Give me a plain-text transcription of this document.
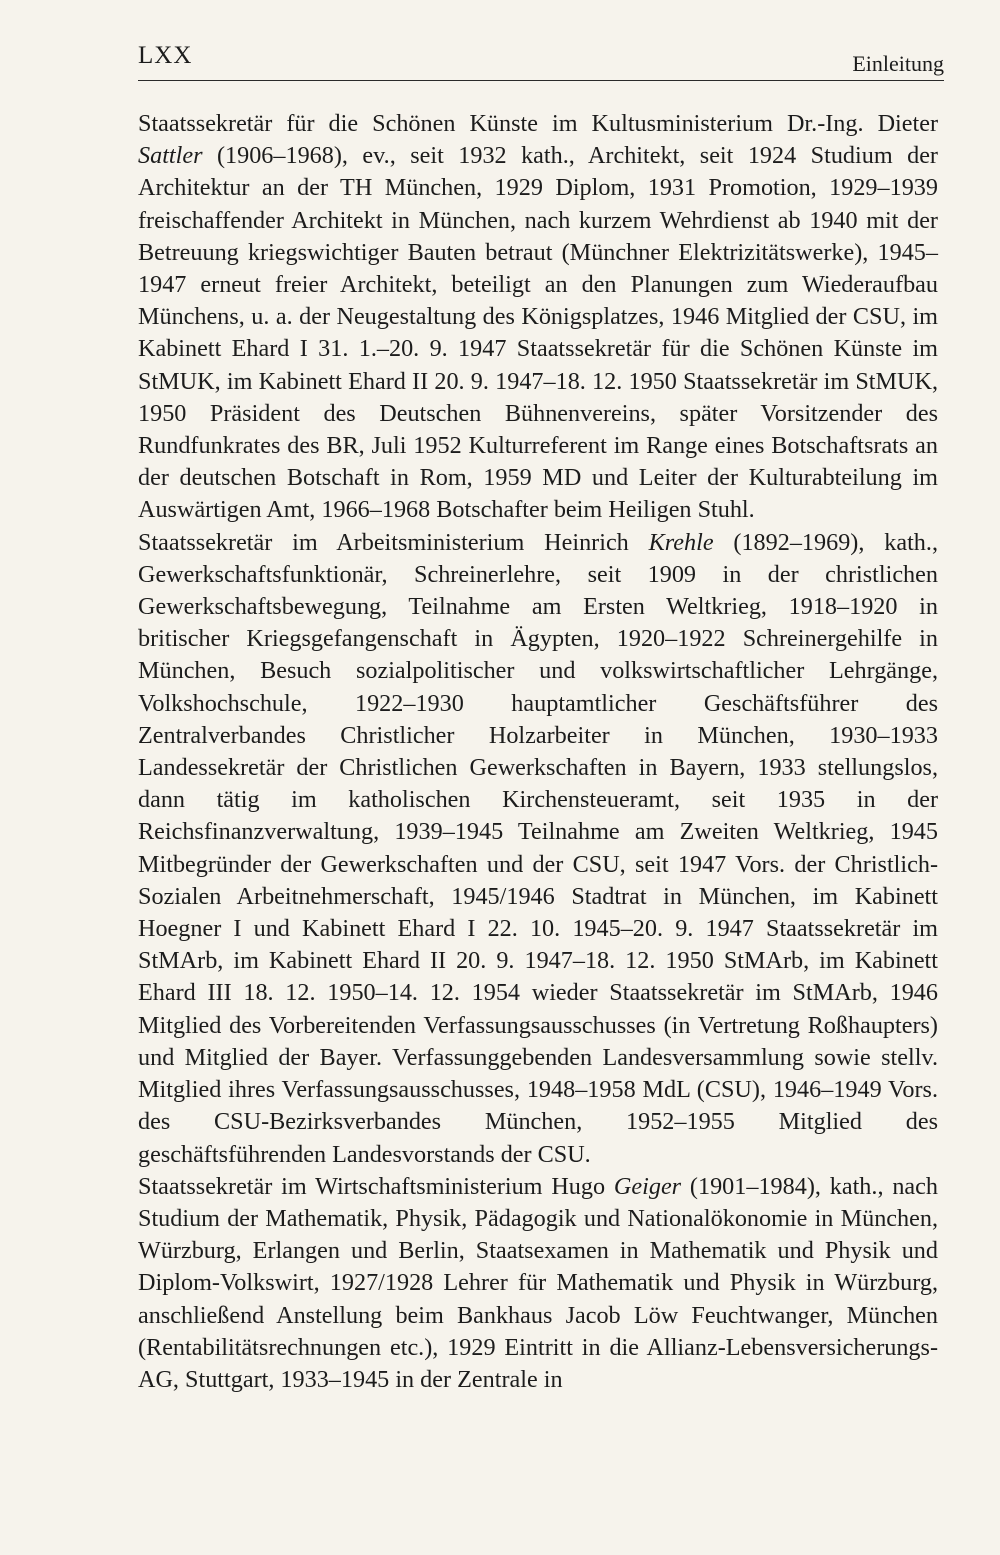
LXX	Einleitung

Staatssekretär für die Schönen Künste im Kultusministerium Dr.-Ing. Dieter Sattler (1906–1968), ev., seit 1932 kath., Architekt, seit 1924 Studium der Architektur an der TH München, 1929 Diplom, 1931 Promotion, 1929–1939 freischaffender Architekt in München, nach kurzem Wehrdienst ab 1940 mit der Betreuung kriegswichtiger Bauten betraut (Münchner Elektrizitätswerke), 1945–1947 erneut freier Architekt, beteiligt an den Planungen zum Wiederaufbau Münchens, u. a. der Neugestaltung des Königsplatzes, 1946 Mitglied der CSU, im Kabinett Ehard I 31. 1.–20. 9. 1947 Staatssekretär für die Schönen Künste im StMUK, im Kabinett Ehard II 20. 9. 1947–18. 12. 1950 Staatssekretär im StMUK, 1950 Präsident des Deutschen Bühnenvereins, später Vorsitzender des Rundfunkrates des BR, Juli 1952 Kulturreferent im Range eines Botschaftsrats an der deutschen Botschaft in Rom, 1959 MD und Leiter der Kulturabteilung im Auswärtigen Amt, 1966–1968 Botschafter beim Heiligen Stuhl.

Staatssekretär im Arbeitsministerium Heinrich Krehle (1892–1969), kath., Gewerkschaftsfunktionär, Schreinerlehre, seit 1909 in der christlichen Gewerkschaftsbewegung, Teilnahme am Ersten Weltkrieg, 1918–1920 in britischer Kriegsgefangenschaft in Ägypten, 1920–1922 Schreinergehilfe in München, Besuch sozialpolitischer und volkswirtschaftlicher Lehrgänge, Volkshochschule, 1922–1930 hauptamtlicher Geschäftsführer des Zentralverbandes Christlicher Holzarbeiter in München, 1930–1933 Landessekretär der Christlichen Gewerkschaften in Bayern, 1933 stellungslos, dann tätig im katholischen Kirchensteueramt, seit 1935 in der Reichsfinanzverwaltung, 1939–1945 Teilnahme am Zweiten Weltkrieg, 1945 Mitbegründer der Gewerkschaften und der CSU, seit 1947 Vors. der Christlich-Sozialen Arbeitnehmerschaft, 1945/1946 Stadtrat in München, im Kabinett Hoegner I und Kabinett Ehard I 22. 10. 1945–20. 9. 1947 Staatssekretär im StMArb, im Kabinett Ehard II 20. 9. 1947–18. 12. 1950 StMArb, im Kabinett Ehard III 18. 12. 1950–14. 12. 1954 wieder Staatssekretär im StMArb, 1946 Mitglied des Vorbereitenden Verfassungsausschusses (in Vertretung Roßhaupters) und Mitglied der Bayer. Verfassunggebenden Landesversammlung sowie stellv. Mitglied ihres Verfassungsausschusses, 1948–1958 MdL (CSU), 1946–1949 Vors. des CSU-Bezirksverbandes München, 1952–1955 Mitglied des geschäftsführenden Landesvorstands der CSU.

Staatssekretär im Wirtschaftsministerium Hugo Geiger (1901–1984), kath., nach Studium der Mathematik, Physik, Pädagogik und Nationalökonomie in München, Würzburg, Erlangen und Berlin, Staatsexamen in Mathematik und Physik und Diplom-Volkswirt, 1927/1928 Lehrer für Mathematik und Physik in Würzburg, anschließend Anstellung beim Bankhaus Jacob Löw Feuchtwanger, München (Rentabilitätsrechnungen etc.), 1929 Eintritt in die Allianz-Lebensversicherungs-AG, Stuttgart, 1933–1945 in der Zentrale in
